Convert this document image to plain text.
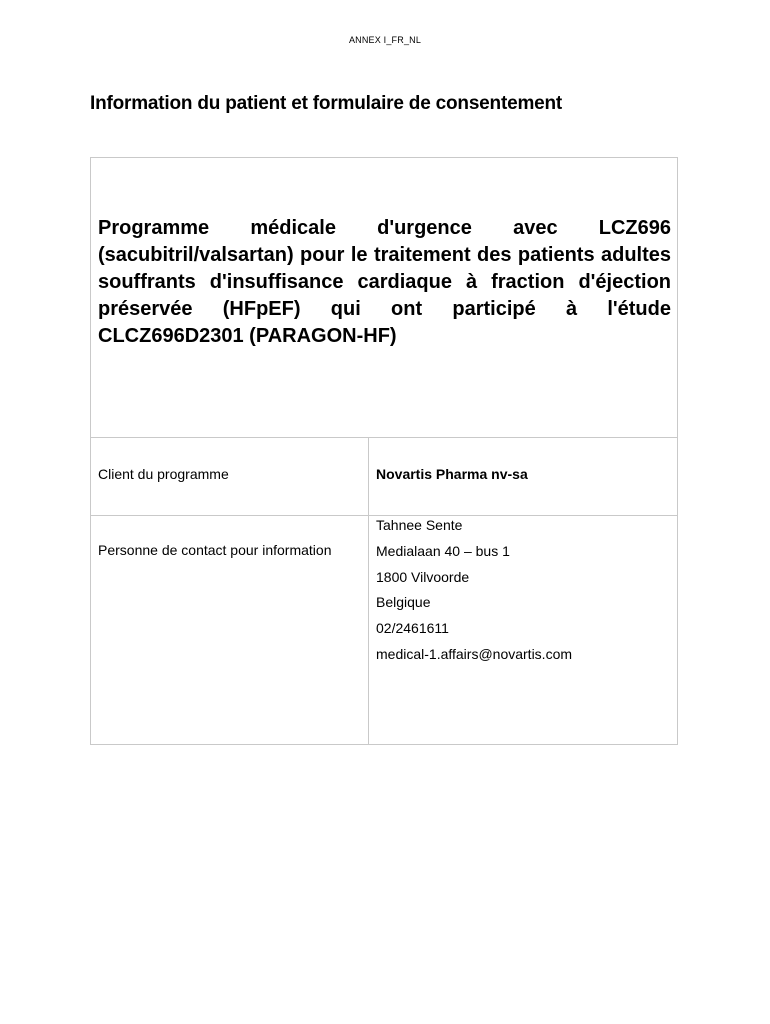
ANNEX I_FR_NL
Information du patient et formulaire de consentement

Programme médicale d'urgence avec LCZ696 (sacubitril/valsartan) pour le traitement des patients adultes souffrants d'insuffisance cardiaque à fraction d'éjection préservée (HFpEF) qui ont participé à l'étude CLCZ696D2301 (PARAGON-HF)

Client du programme	Novartis Pharma nv-sa
Personne de contact pour information
Tahnee Sente
Medialaan 40 – bus 1
1800 Vilvoorde
Belgique
02/2461611
medical-1.affairs@novartis.com
